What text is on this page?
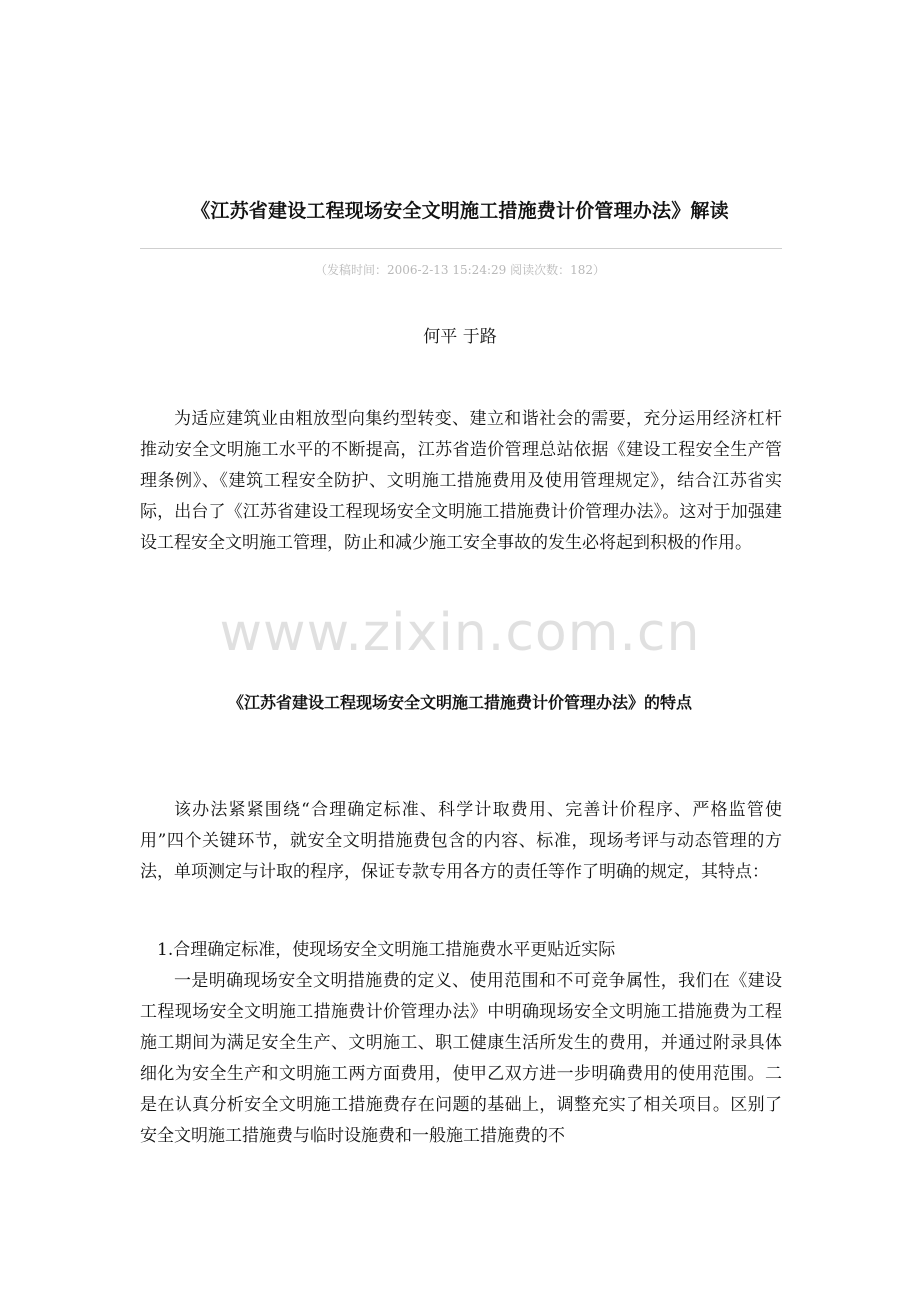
《江苏省建设工程现场安全文明施工措施费计价管理办法》解读
（发稿时间：2006-2-13 15:24:29 阅读次数：182）
何平 于路

为适应建筑业由粗放型向集约型转变、建立和谐社会的需要，充分运用经济杠杆推动安全文明施工水平的不断提高，江苏省造价管理总站依据《建设工程安全生产管理条例》、《建筑工程安全防护、文明施工措施费用及使用管理规定》，结合江苏省实际，出台了《江苏省建设工程现场安全文明施工措施费计价管理办法》。这对于加强建设工程安全文明施工管理，防止和减少施工安全事故的发生必将起到积极的作用。

www.zixin.com.cn
《江苏省建设工程现场安全文明施工措施费计价管理办法》的特点

该办法紧紧围绕“合理确定标准、科学计取费用、完善计价程序、严格监管使用”四个关键环节，就安全文明措施费包含的内容、标准，现场考评与动态管理的方法，单项测定与计取的程序，保证专款专用各方的责任等作了明确的规定，其特点：

1.合理确定标准，使现场安全文明施工措施费水平更贴近实际

一是明确现场安全文明措施费的定义、使用范围和不可竞争属性，我们在《建设工程现场安全文明施工措施费计价管理办法》中明确现场安全文明施工措施费为工程施工期间为满足安全生产、文明施工、职工健康生活所发生的费用，并通过附录具体细化为安全生产和文明施工两方面费用，使甲乙双方进一步明确费用的使用范围。二是在认真分析安全文明施工措施费存在问题的基础上，调整充实了相关项目。区别了安全文明施工措施费与临时设施费和一般施工措施费的不
